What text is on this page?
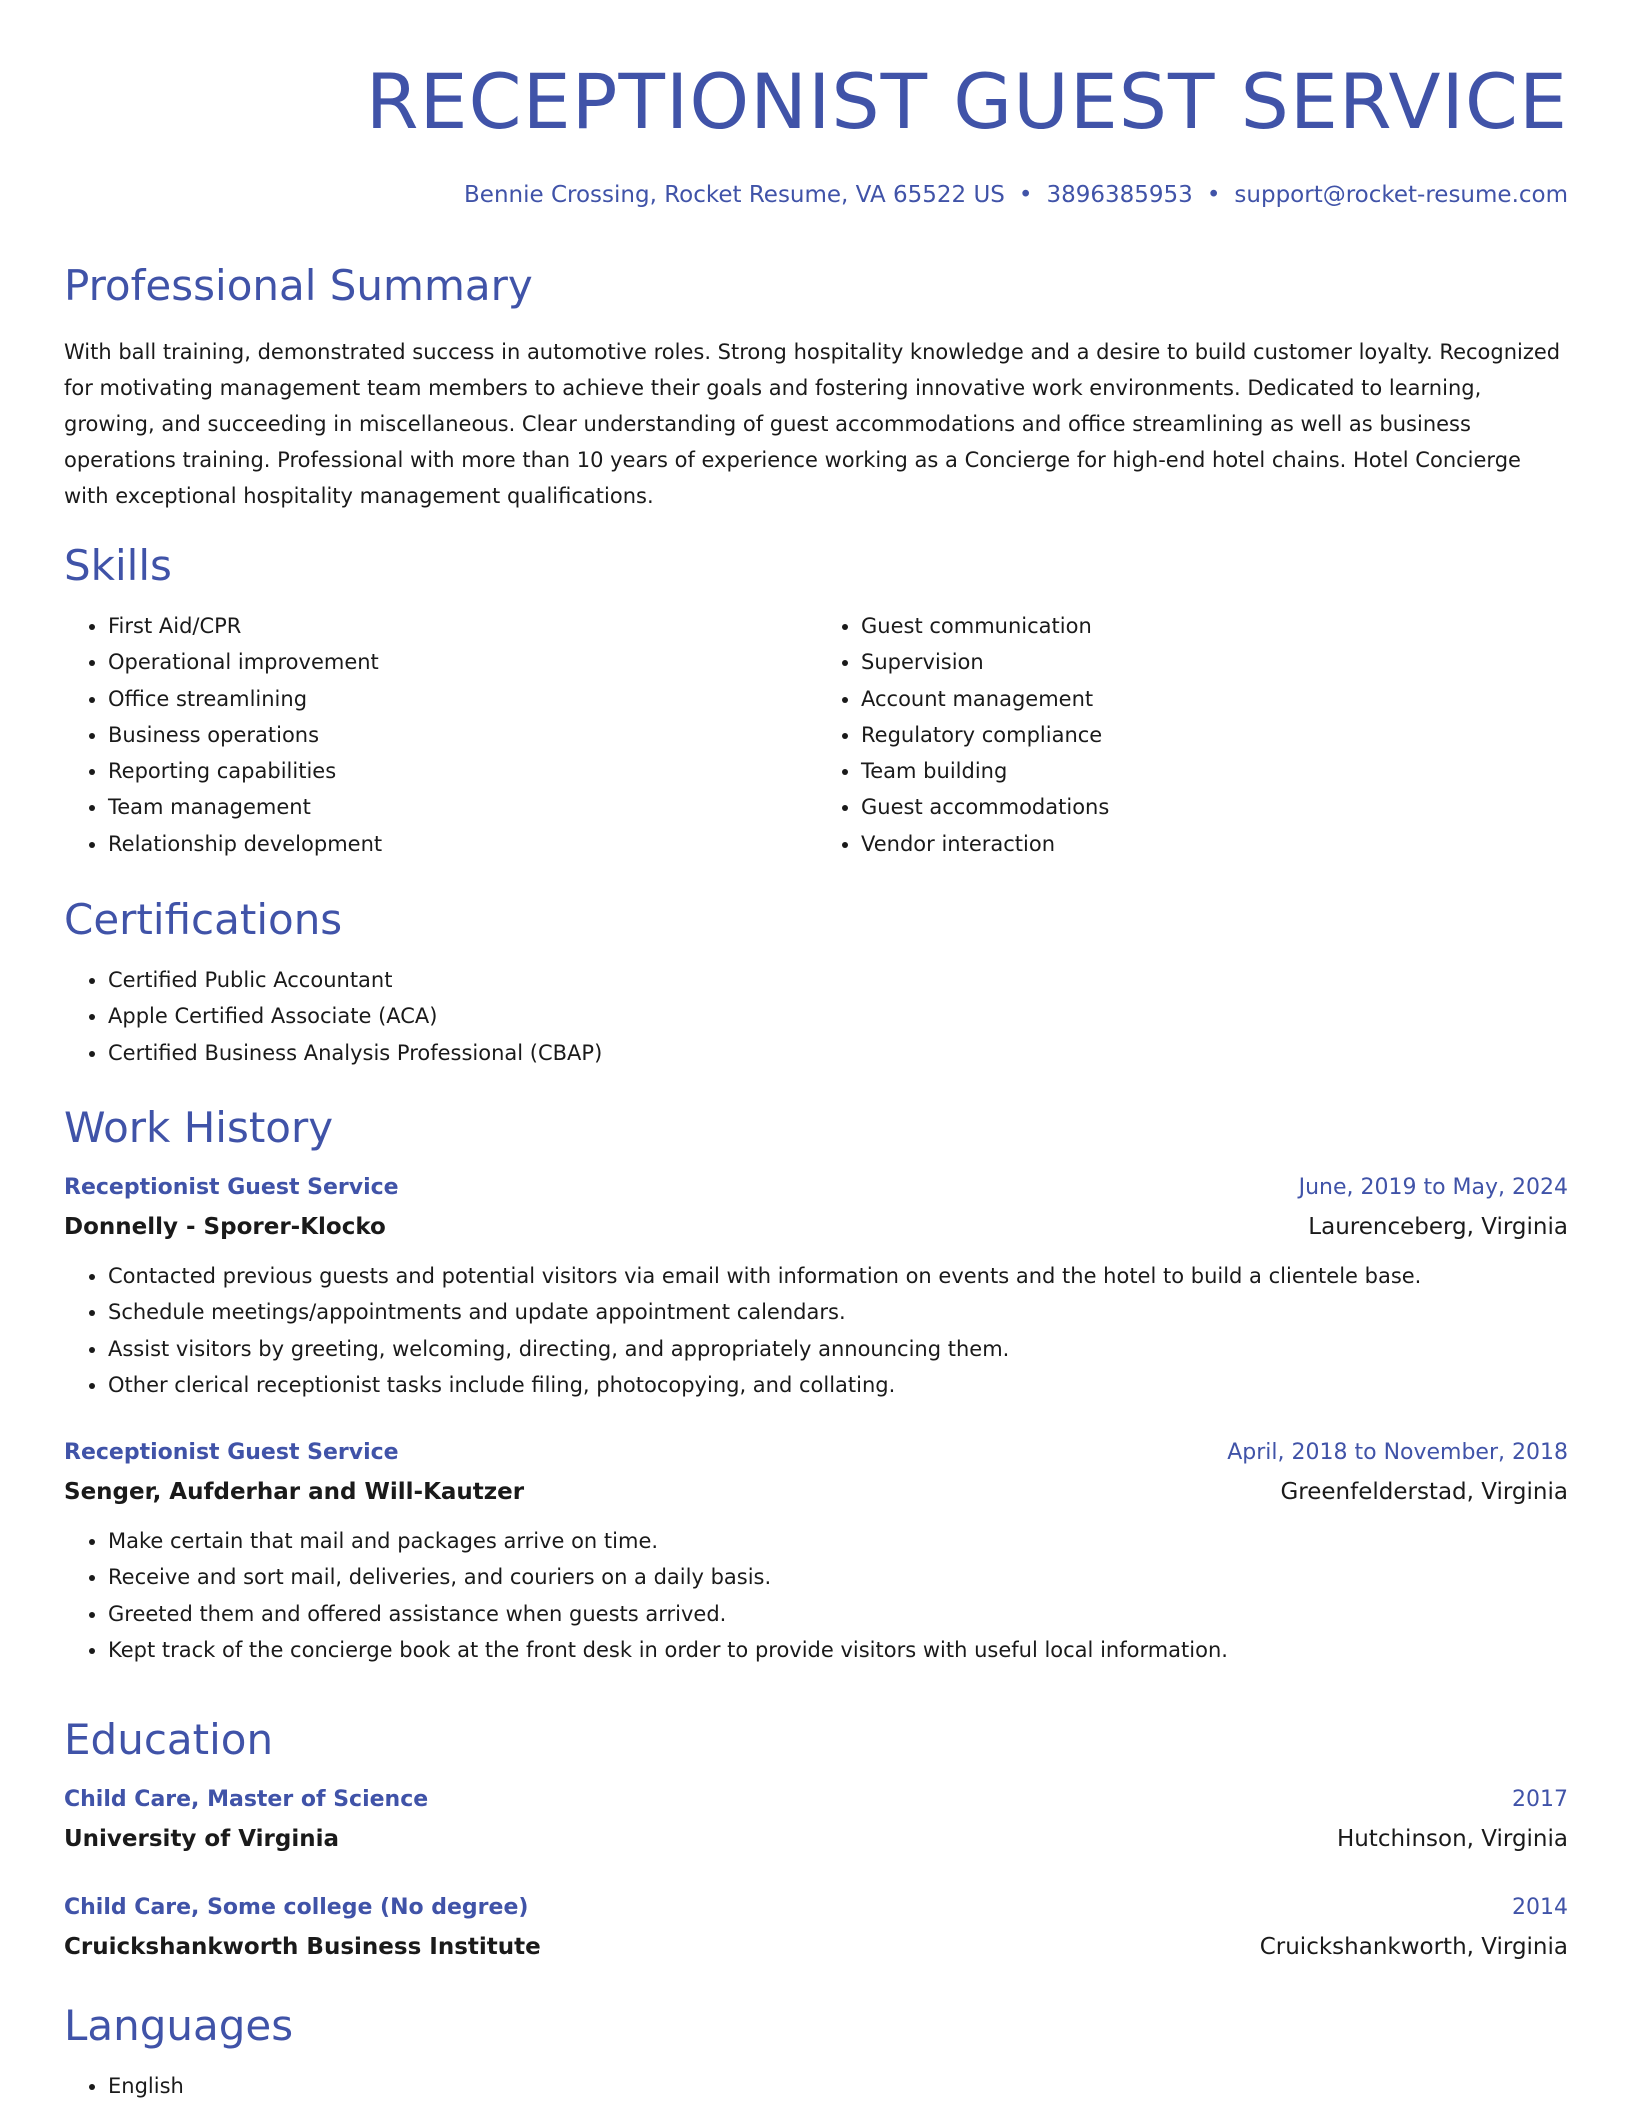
RECEPTIONIST GUEST SERVICE
Bennie Crossing, Rocket Resume, VA 65522 US • 3896385953 • support@rocket-resume.com
Professional Summary

With ball training, demonstrated success in automotive roles. Strong hospitality knowledge and a desire to build customer loyalty. Recognized for motivating management team members to achieve their goals and fostering innovative work environments. Dedicated to learning, growing, and succeeding in miscellaneous. Clear understanding of guest accommodations and office streamlining as well as business operations training. Professional with more than 10 years of experience working as a Concierge for high-end hotel chains. Hotel Concierge with exceptional hospitality management qualifications.

Skills
• First Aid/CPR
• Operational improvement
• Office streamlining
• Business operations
• Reporting capabilities
• Team management
• Relationship development
• Guest communication
• Supervision
• Account management
• Regulatory compliance
• Team building
• Guest accommodations
• Vendor interaction
Certifications
• Certified Public Accountant
• Apple Certified Associate (ACA)
• Certified Business Analysis Professional (CBAP)
Work History
Receptionist Guest Service	June, 2019 to May, 2024
Donnelly - Sporer-Klocko	Laurenceberg, Virginia
• Contacted previous guests and potential visitors via email with information on events and the hotel to build a clientele base.
• Schedule meetings/appointments and update appointment calendars.
• Assist visitors by greeting, welcoming, directing, and appropriately announcing them.
• Other clerical receptionist tasks include filing, photocopying, and collating.
Receptionist Guest Service	April, 2018 to November, 2018
Senger, Aufderhar and Will-Kautzer	Greenfelderstad, Virginia
• Make certain that mail and packages arrive on time.
• Receive and sort mail, deliveries, and couriers on a daily basis.
• Greeted them and offered assistance when guests arrived.
• Kept track of the concierge book at the front desk in order to provide visitors with useful local information.
Education
Child Care, Master of Science	2017
University of Virginia	Hutchinson, Virginia
Child Care, Some college (No degree)	2014
Cruickshankworth Business Institute	Cruickshankworth, Virginia
Languages
• English
